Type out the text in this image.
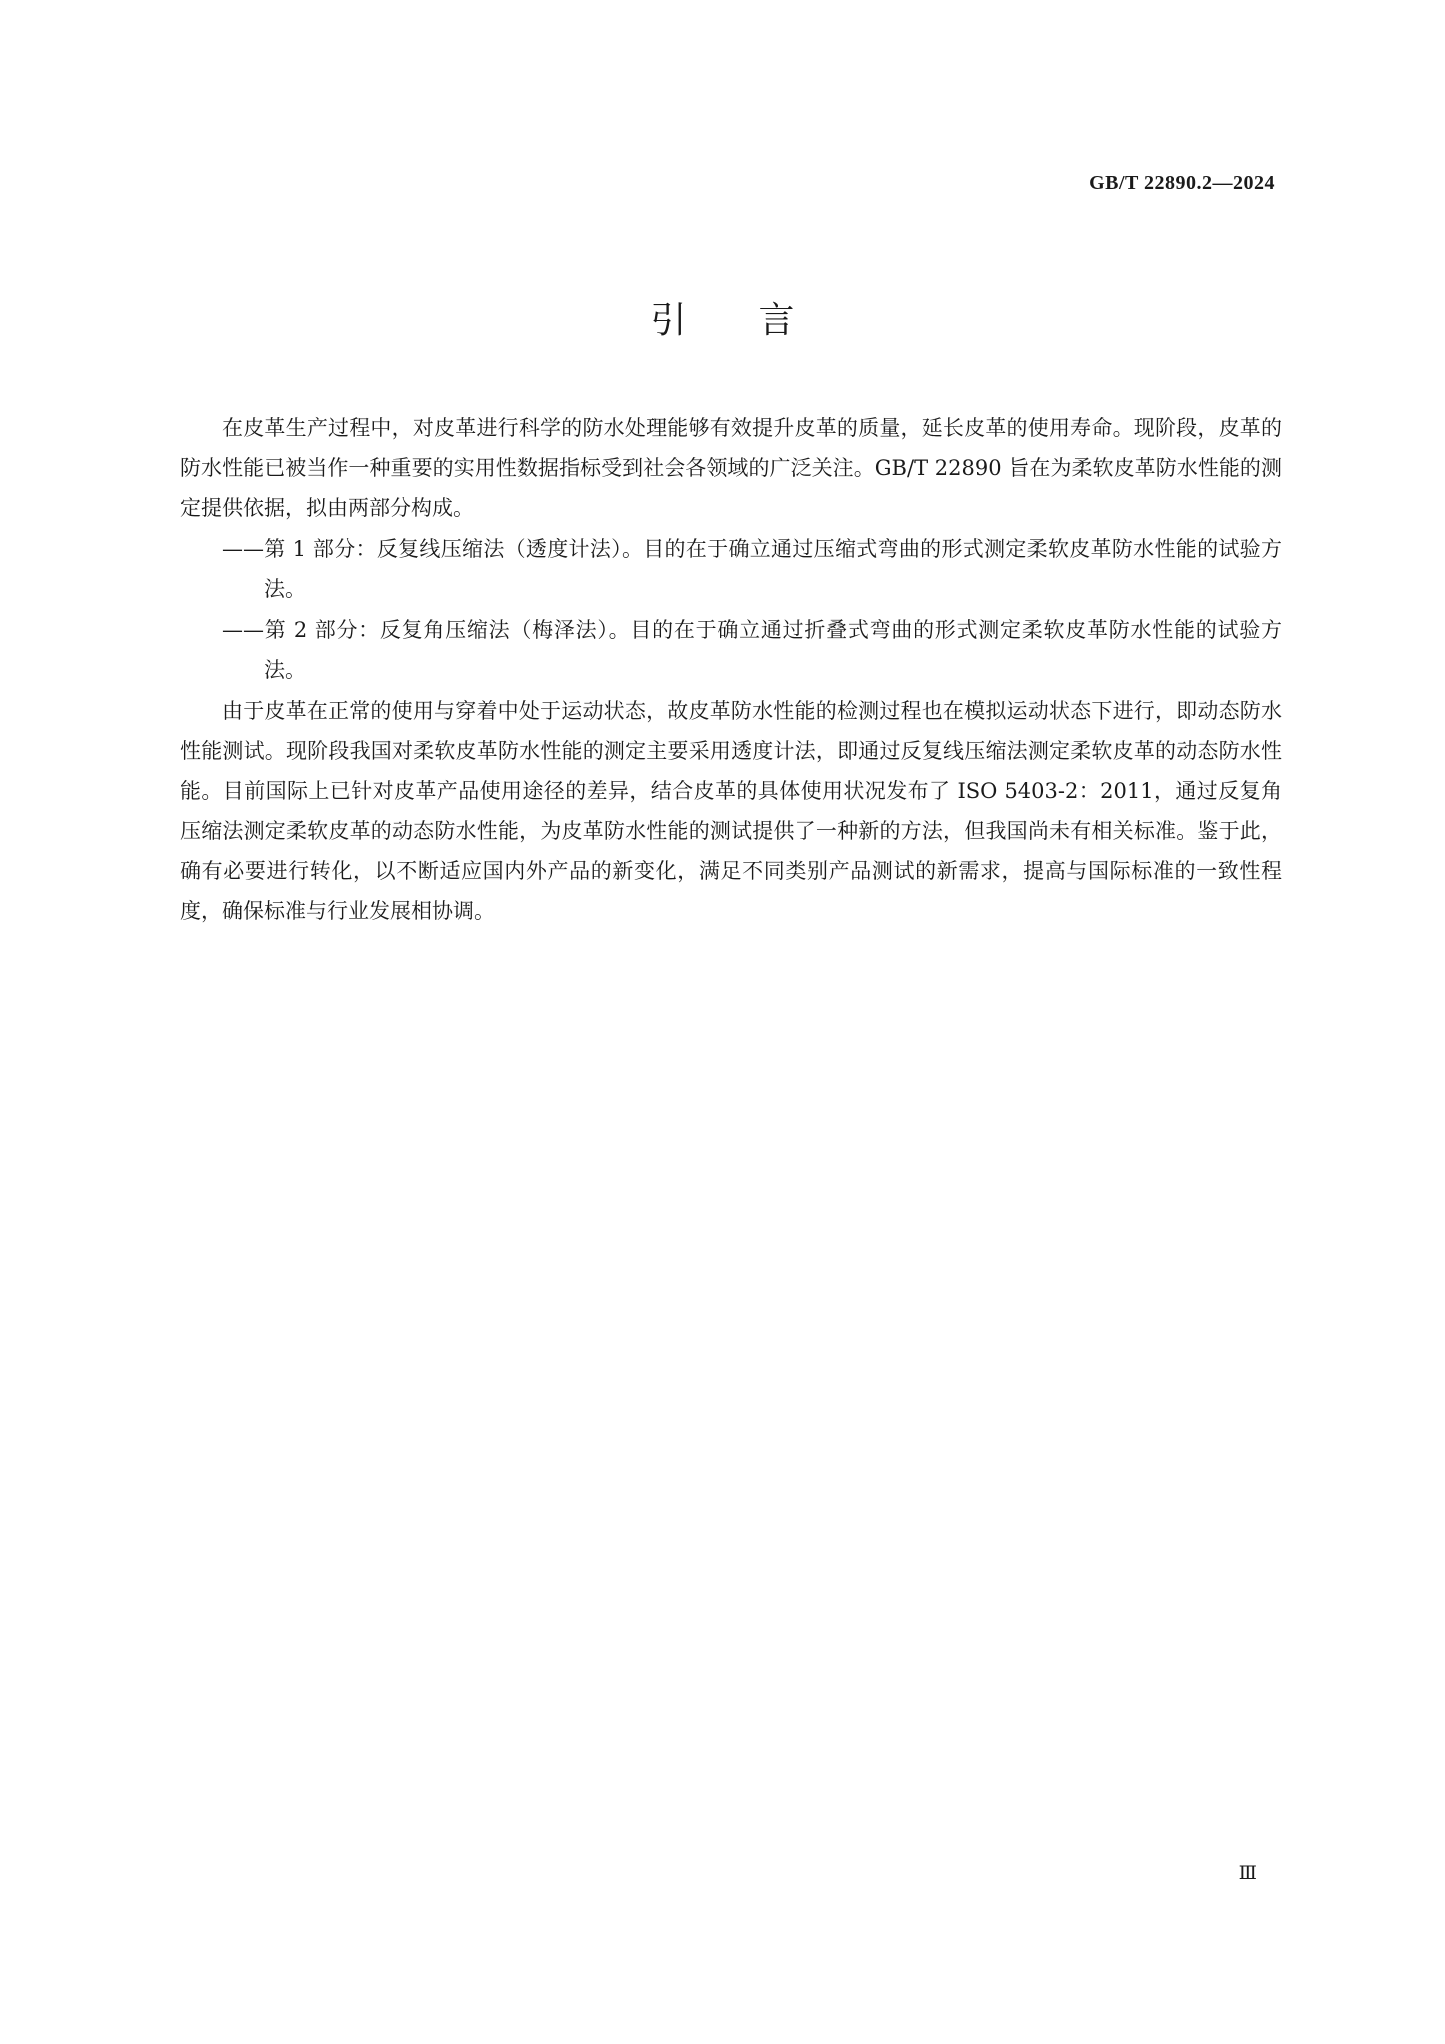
GB/T 22890.2—2024
引言

在皮革生产过程中，对皮革进行科学的防水处理能够有效提升皮革的质量，延长皮革的使用寿命。现阶段，皮革的防水性能已被当作一种重要的实用性数据指标受到社会各领域的广泛关注。GB/T 22890 旨在为柔软皮革防水性能的测定提供依据，拟由两部分构成。

——第 1 部分：反复线压缩法（透度计法）。目的在于确立通过压缩式弯曲的形式测定柔软皮革防水性能的试验方法。

——第 2 部分：反复角压缩法（梅泽法）。目的在于确立通过折叠式弯曲的形式测定柔软皮革防水性能的试验方法。

由于皮革在正常的使用与穿着中处于运动状态，故皮革防水性能的检测过程也在模拟运动状态下进行，即动态防水性能测试。现阶段我国对柔软皮革防水性能的测定主要采用透度计法，即通过反复线压缩法测定柔软皮革的动态防水性能。目前国际上已针对皮革产品使用途径的差异，结合皮革的具体使用状况发布了 ISO 5403-2：2011，通过反复角压缩法测定柔软皮革的动态防水性能，为皮革防水性能的测试提供了一种新的方法，但我国尚未有相关标准。鉴于此，确有必要进行转化，以不断适应国内外产品的新变化，满足不同类别产品测试的新需求，提高与国际标准的一致性程度，确保标准与行业发展相协调。

Ⅲ
